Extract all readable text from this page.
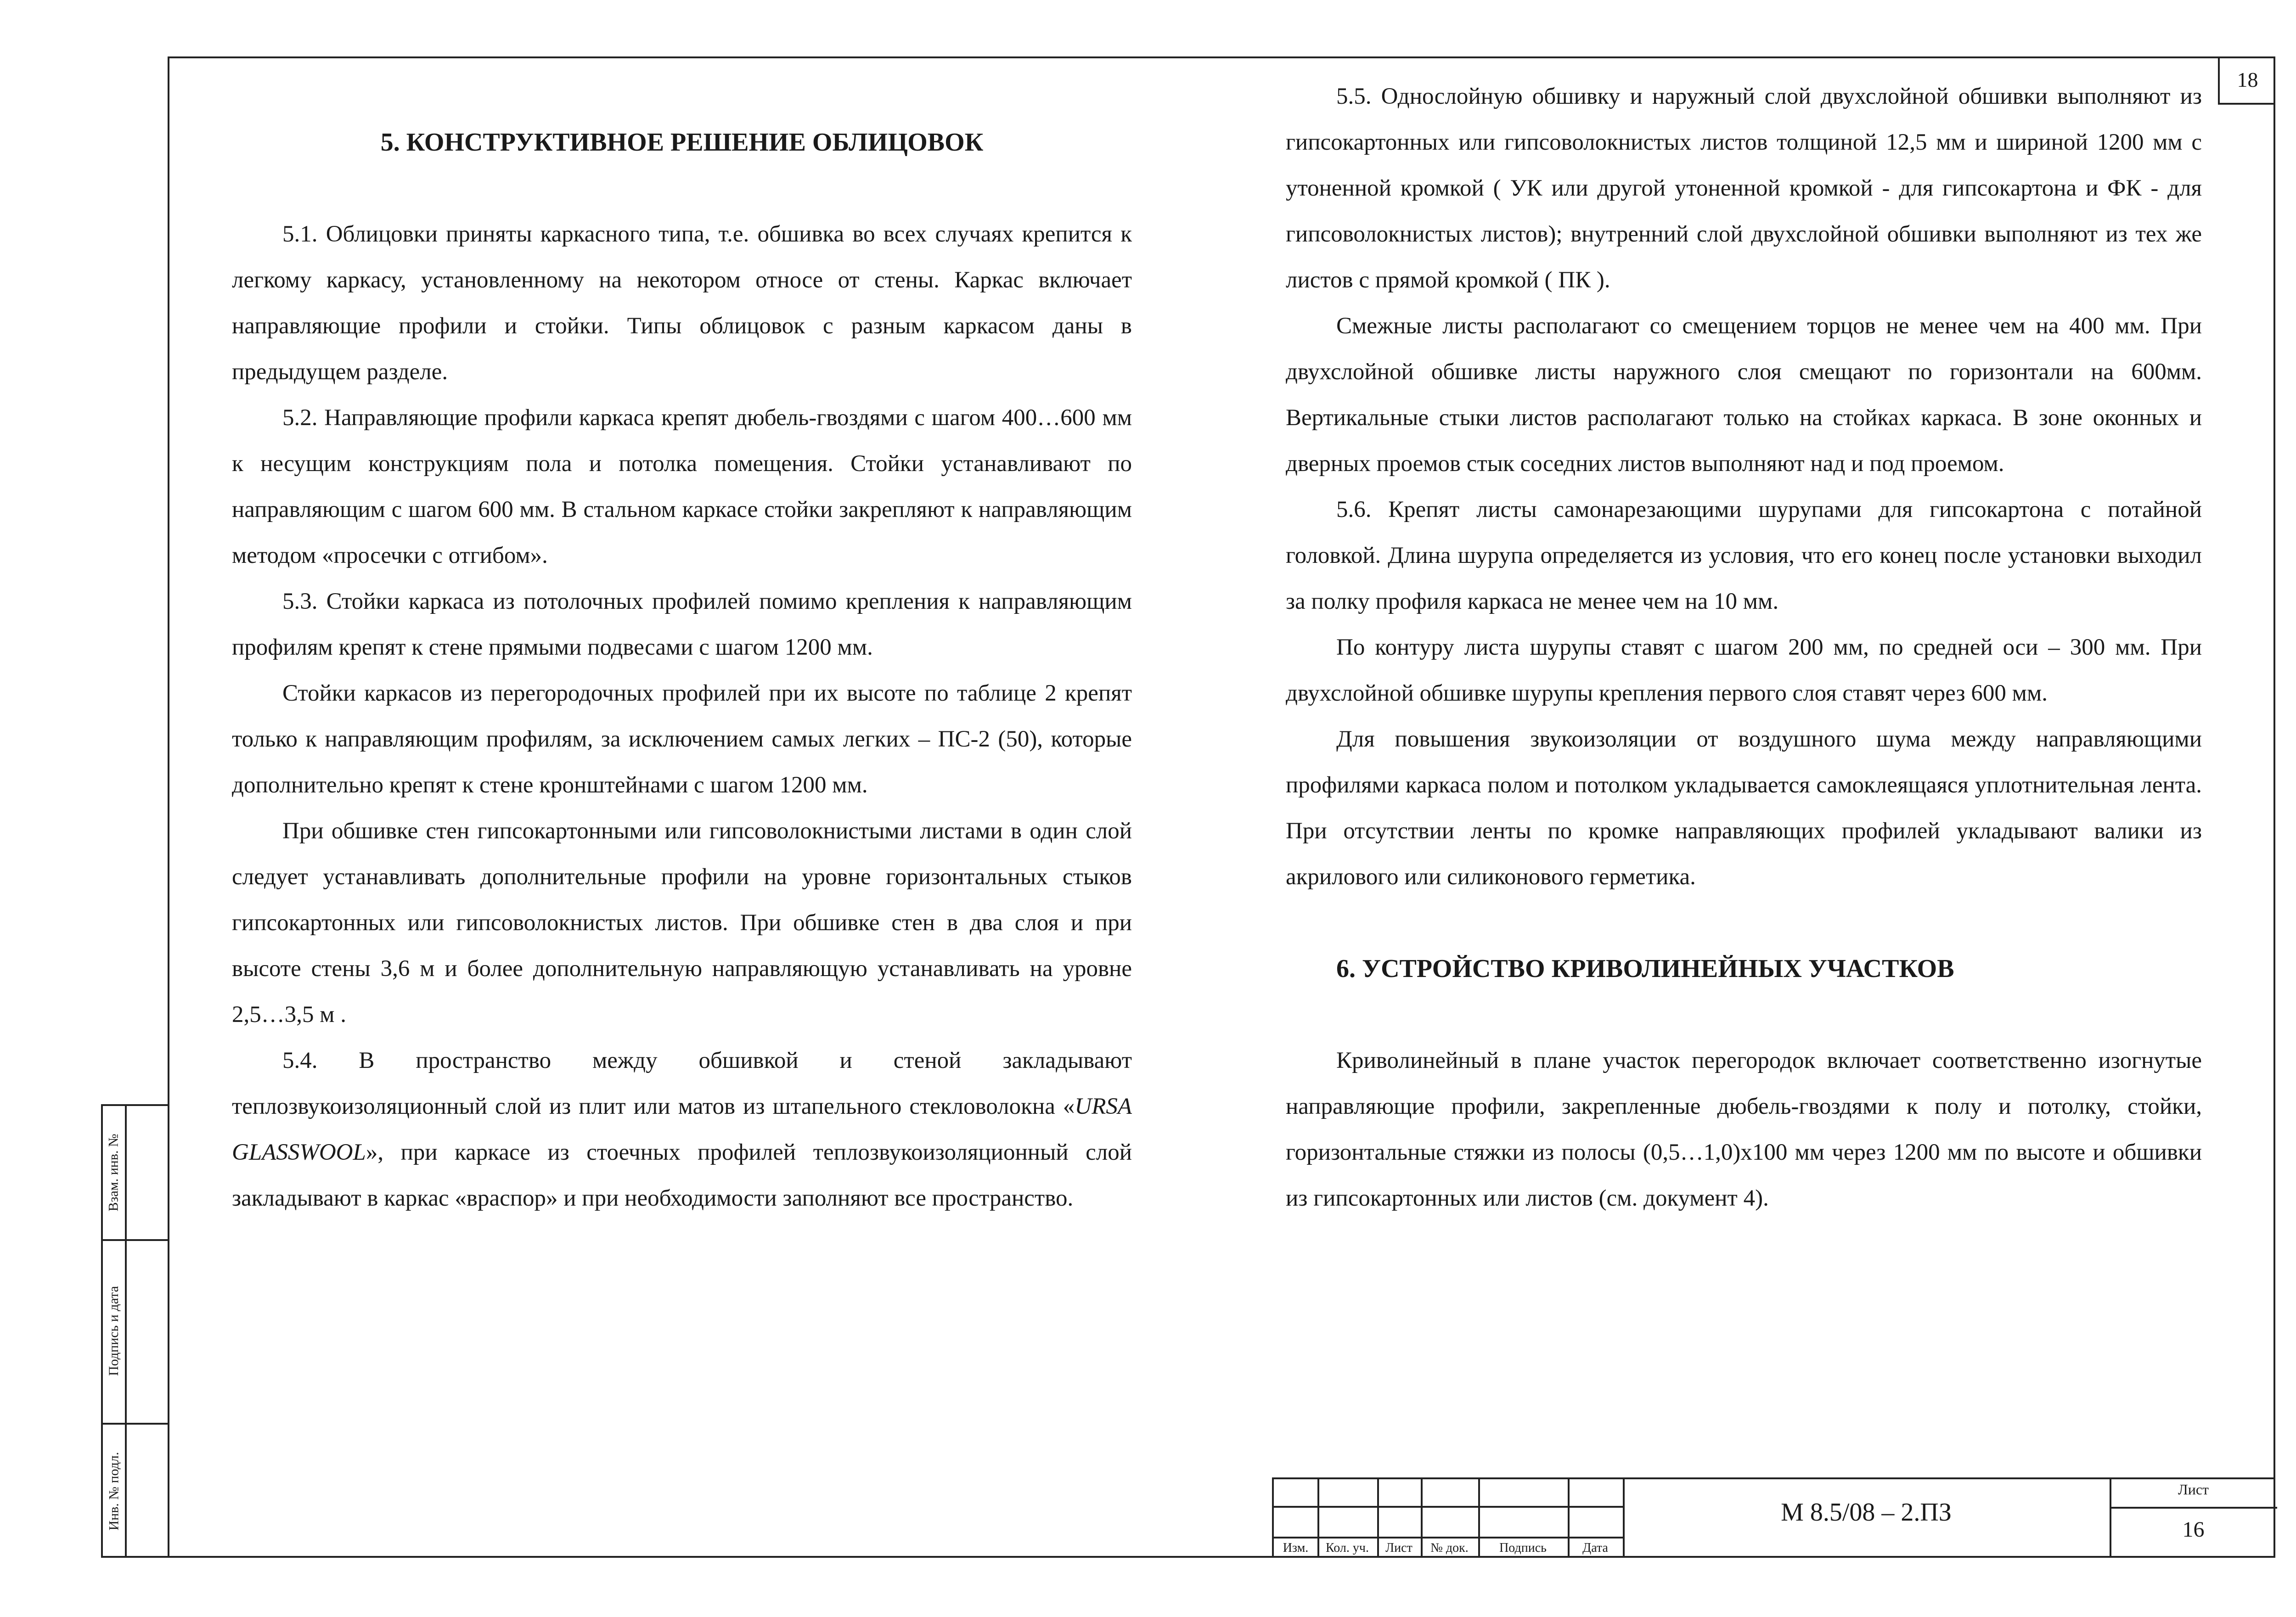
18
5. КОНСТРУКТИВНОЕ РЕШЕНИЕ ОБЛИЦОВОК

5.1. Облицовки приняты каркасного типа, т.е. обшивка во всех случаях крепится к легкому каркасу, установленному на некотором относе от стены. Каркас включает направляющие профили и стойки. Типы облицовок с разным каркасом даны в предыдущем разделе.

5.2. Направляющие профили каркаса крепят дюбель-гвоздями с шагом 400…600 мм к несущим конструкциям пола и потолка помещения. Стойки устанавливают по направляющим с шагом 600 мм. В стальном каркасе стойки закрепляют к направляющим методом «просечки с отгибом».

5.3. Стойки каркаса из потолочных профилей помимо крепления к направляющим профилям крепят к стене прямыми подвесами с шагом 1200 мм.

Стойки каркасов из перегородочных профилей при их высоте по таблице 2 крепят только к направляющим профилям, за исключением самых легких – ПС-2 (50), которые дополнительно крепят к стене кронштейнами с шагом 1200 мм.

При обшивке стен гипсокартонными или гипсоволокнистыми листами в один слой следует устанавливать дополнительные профили на уровне горизонтальных стыков гипсокартонных или гипсоволокнистых листов. При обшивке стен в два слоя и при высоте стены 3,6 м и более дополнительную направляющую устанавливать на уровне 2,5…3,5 м .

5.4. В пространство между обшивкой и стеной закладывают теплозвукоизоляционный слой из плит или матов из штапельного стекловолокна «URSA GLASSWOOL», при каркасе из стоечных профилей теплозвукоизоляционный слой закладывают в каркас «враспор» и при необходимости заполняют все пространство.

5.5. Однослойную обшивку и наружный слой двухслойной обшивки выполняют из гипсокартонных или гипсоволокнистых листов толщиной 12,5 мм и шириной 1200 мм с утоненной кромкой ( УК или другой утоненной кромкой - для гипсокартона и ФК - для гипсоволокнистых листов); внутренний слой двухслойной обшивки выполняют из тех же листов с прямой кромкой ( ПК ).

Смежные листы располагают со смещением торцов не менее чем на 400 мм. При двухслойной обшивке листы наружного слоя смещают по горизонтали на 600мм. Вертикальные стыки листов располагают только на стойках каркаса. В зоне оконных и дверных проемов стык соседних листов выполняют над и под проемом.

5.6. Крепят листы самонарезающими шурупами для гипсокартона с потайной головкой. Длина шурупа определяется из условия, что его конец после установки выходил за полку профиля каркаса не менее чем на 10 мм.

По контуру листа шурупы ставят с шагом 200 мм, по средней оси – 300 мм. При двухслойной обшивке шурупы крепления первого слоя ставят через 600 мм.

Для повышения звукоизоляции от воздушного шума между направляющими профилями каркаса полом и потолком укладывается самоклеящаяся уплотнительная лента. При отсутствии ленты по кромке направляющих профилей укладывают валики из акрилового или силиконового герметика.

6. УСТРОЙСТВО КРИВОЛИНЕЙНЫХ УЧАСТКОВ

Криволинейный в плане участок перегородок включает соответственно изогнутые направляющие профили, закрепленные дюбель-гвоздями к полу и потолку, стойки, горизонтальные стяжки из полосы (0,5…1,0)х100 мм через 1200 мм по высоте и обшивки из гипсокартонных или листов (см. документ 4).

Взам. инв. №
Подпись и дата
Инв. № подл.
Изм.	Кол. уч.	Лист	№ док.	Подпись	Дата
М 8.5/08 – 2.ПЗ
Лист
16
